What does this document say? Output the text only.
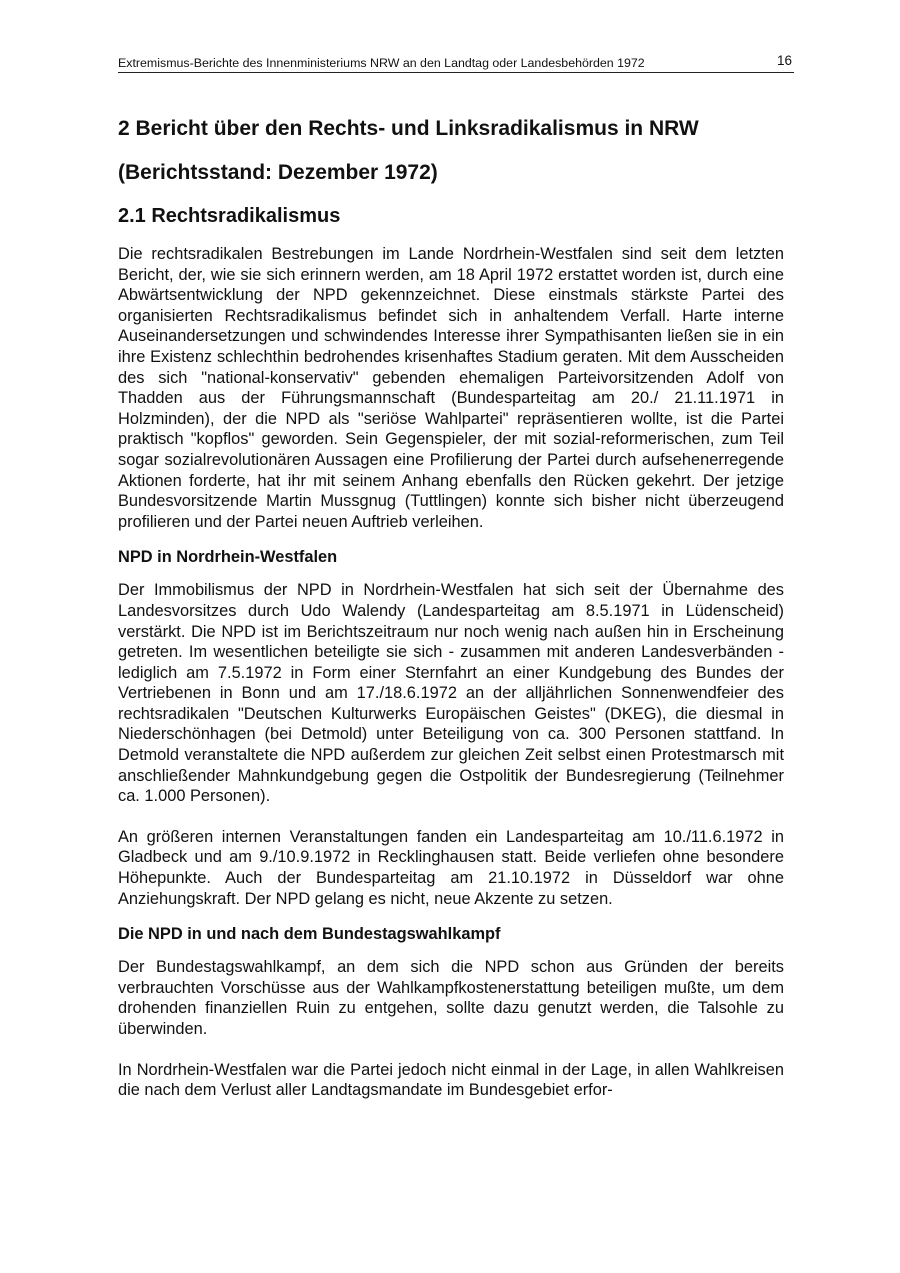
Extremismus-Berichte des Innenministeriums NRW an den Landtag oder Landesbehörden 1972	16
2 Bericht über den Rechts- und Linksradikalismus in NRW
(Berichtsstand: Dezember 1972)
2.1 Rechtsradikalismus

Die rechtsradikalen Bestrebungen im Lande Nordrhein-Westfalen sind seit dem letzten Bericht, der, wie sie sich erinnern werden, am 18 April 1972 erstattet worden ist, durch eine Abwärtsentwicklung der NPD gekennzeichnet. Diese einstmals stärkste Partei des organisierten Rechtsradikalismus befindet sich in anhaltendem Verfall. Harte interne Auseinandersetzungen und schwindendes Interesse ihrer Sympathisanten ließen sie in ein ihre Existenz schlechthin bedrohendes krisenhaftes Stadium geraten. Mit dem Ausscheiden des sich "national-konservativ" gebenden ehemaligen Parteivorsitzenden Adolf von Thadden aus der Führungsmannschaft (Bundesparteitag am 20./ 21.11.1971 in Holzminden), der die NPD als "seriöse Wahlpartei" repräsentieren wollte, ist die Partei praktisch "kopflos" geworden. Sein Gegenspieler, der mit sozial-reformerischen, zum Teil sogar sozialrevolutionären Aussagen eine Profilierung der Partei durch aufsehenerregende Aktionen forderte, hat ihr mit seinem Anhang ebenfalls den Rücken gekehrt. Der jetzige Bundesvorsitzende Martin Mussgnug (Tuttlingen) konnte sich bisher nicht überzeugend profilieren und der Partei neuen Auftrieb verleihen.

NPD in Nordrhein-Westfalen

Der Immobilismus der NPD in Nordrhein-Westfalen hat sich seit der Übernahme des Landesvorsitzes durch Udo Walendy (Landesparteitag am 8.5.1971 in Lüdenscheid) verstärkt. Die NPD ist im Berichtszeitraum nur noch wenig nach außen hin in Erscheinung getreten. Im wesentlichen beteiligte sie sich - zusammen mit anderen Landesverbänden - lediglich am 7.5.1972 in Form einer Sternfahrt an einer Kundgebung des Bundes der Vertriebenen in Bonn und am 17./18.6.1972 an der alljährlichen Sonnenwendfeier des rechtsradikalen "Deutschen Kulturwerks Europäischen Geistes" (DKEG), die diesmal in Niederschönhagen (bei Detmold) unter Beteiligung von ca. 300 Personen stattfand. In Detmold veranstaltete die NPD außerdem zur gleichen Zeit selbst einen Protestmarsch mit anschließender Mahnkundgebung gegen die Ostpolitik der Bundesregierung (Teilnehmer ca. 1.000 Personen).

An größeren internen Veranstaltungen fanden ein Landesparteitag am 10./11.6.1972 in Gladbeck und am 9./10.9.1972 in Recklinghausen statt. Beide verliefen ohne besondere Höhepunkte. Auch der Bundesparteitag am 21.10.1972 in Düsseldorf war ohne Anziehungskraft. Der NPD gelang es nicht, neue Akzente zu setzen.

Die NPD in und nach dem Bundestagswahlkampf

Der Bundestagswahlkampf, an dem sich die NPD schon aus Gründen der bereits verbrauchten Vorschüsse aus der Wahlkampfkostenerstattung beteiligen mußte, um dem drohenden finanziellen Ruin zu entgehen, sollte dazu genutzt werden, die Talsohle zu überwinden.

In Nordrhein-Westfalen war die Partei jedoch nicht einmal in der Lage, in allen Wahlkreisen die nach dem Verlust aller Landtagsmandate im Bundesgebiet erfor-
